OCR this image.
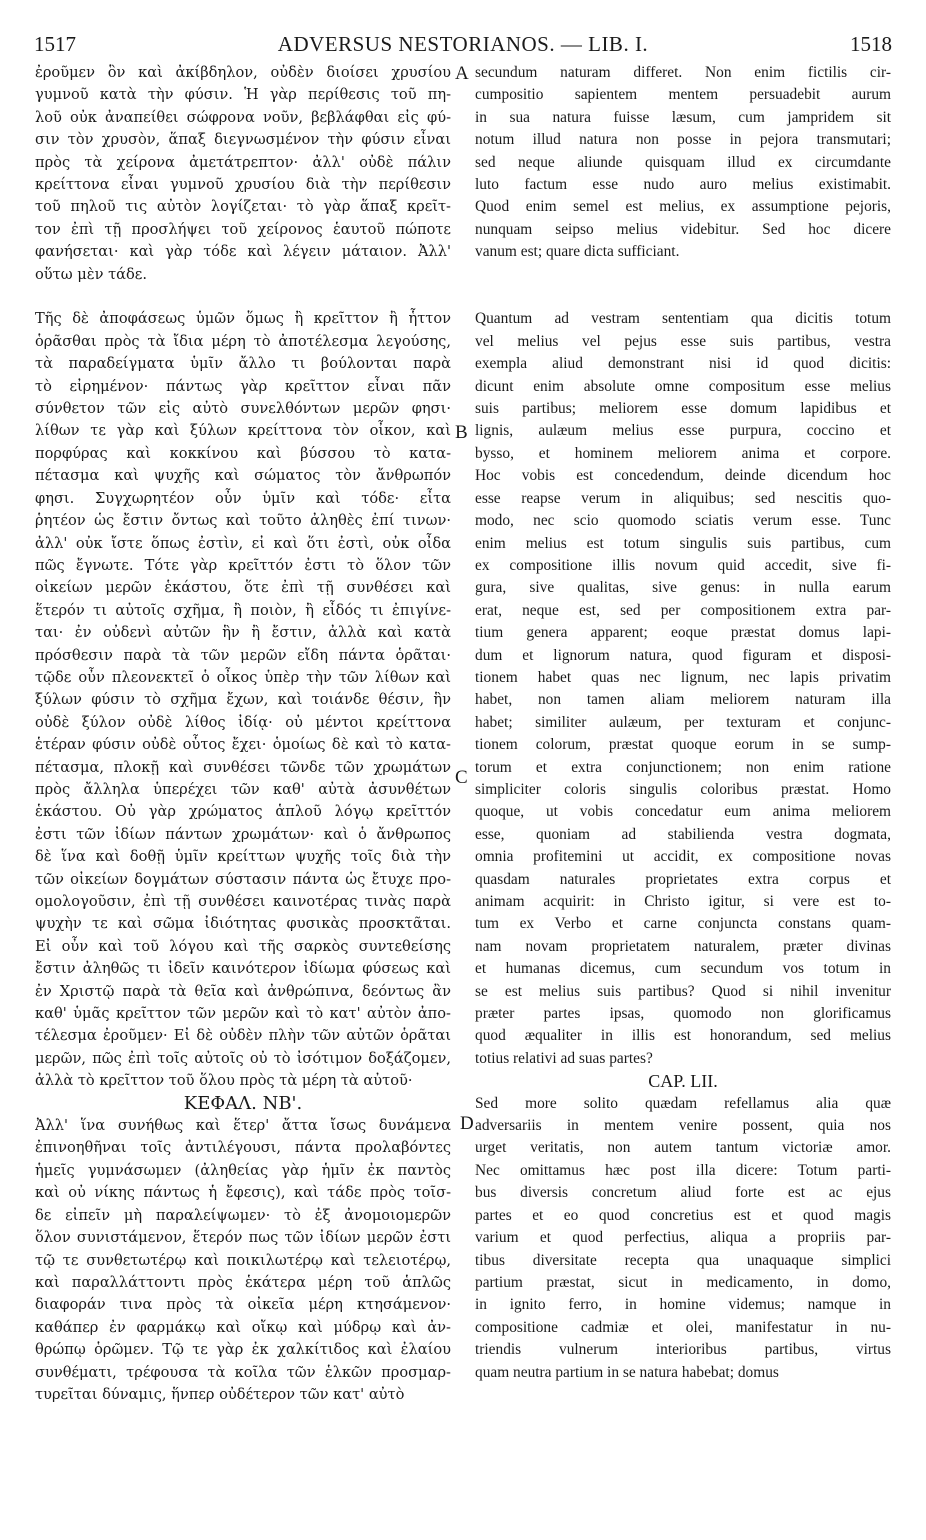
1517	ADVERSUS NESTORIANOS. — LIB. I.	1518
ἐροῦμεν ὃν καὶ ἀκίβδηλον, οὐδὲν διοίσει χρυσίου
γυμνοῦ κατὰ τὴν φύσιν. Ἡ γὰρ περίθεσις τοῦ πη-
λοῦ οὐκ ἀναπείθει σώφρονα νοῦν, βεβλάφθαι εἰς φύ-
σιν τὸν χρυσὸν, ἅπαξ διεγνωσμένον τὴν φύσιν εἶναι
πρὸς τὰ χείρονα ἀμετάτρεπτον· ἀλλ' οὐδὲ πάλιν
κρείττονα εἶναι γυμνοῦ χρυσίου διὰ τὴν περίθεσιν
τοῦ πηλοῦ τις αὐτὸν λογίζεται· τὸ γὰρ ἅπαξ κρεῖτ-
τον ἐπὶ τῇ προσλήψει τοῦ χείρονος ἑαυτοῦ πώποτε
φανήσεται· καὶ γὰρ τόδε καὶ λέγειν μάταιον. Ἀλλ'
οὕτω μὲν τάδε.
Τῆς δὲ ἀποφάσεως ὑμῶν ὅμως ἢ κρεῖττον ἢ ἧττον
ὁρᾶσθαι πρὸς τὰ ἴδια μέρη τὸ ἀποτέλεσμα λεγούσης,
τὰ παραδείγματα ὑμῖν ἄλλο τι βούλονται παρὰ
τὸ εἰρημένον· πάντως γὰρ κρεῖττον εἶναι πᾶν
σύνθετον τῶν εἰς αὐτὸ συνελθόντων μερῶν φησι·
λίθων τε γὰρ καὶ ξύλων κρείττονα τὸν οἶκον, καὶ
πορφύρας καὶ κοκκίνου καὶ βύσσου τὸ κατα-
πέτασμα καὶ ψυχῆς καὶ σώματος τὸν ἄνθρωπόν
φησι. Συγχωρητέον οὖν ὑμῖν καὶ τόδε· εἶτα
ῥητέον ὡς ἔστιν ὄντως καὶ τοῦτο ἀληθὲς ἐπί τινων·
ἀλλ' οὐκ ἴστε ὅπως ἐστὶν, εἰ καὶ ὅτι ἐστὶ, οὐκ οἶδα
πῶς ἔγνωτε. Τότε γὰρ κρεῖττόν ἐστι τὸ ὅλον τῶν
οἰκείων μερῶν ἑκάστου, ὅτε ἐπὶ τῇ συνθέσει καὶ
ἕτερόν τι αὐτοῖς σχῆμα, ἢ ποιὸν, ἢ εἶδός τι ἐπιγίνε-
ται· ἐν οὐδενὶ αὐτῶν ἣν ἢ ἔστιν, ἀλλὰ καὶ κατὰ
πρόσθεσιν παρὰ τὰ τῶν μερῶν εἴδη πάντα ὁρᾶται·
τῷδε οὖν πλεονεκτεῖ ὁ οἶκος ὑπὲρ τὴν τῶν λίθων καὶ
ξύλων φύσιν τὸ σχῆμα ἔχων, καὶ τοιάνδε θέσιν, ἣν
οὐδὲ ξύλον οὐδὲ λίθος ἰδίᾳ· οὐ μέντοι κρείττονα
ἑτέραν φύσιν οὐδὲ οὗτος ἔχει· ὁμοίως δὲ καὶ τὸ κατα-
πέτασμα, πλοκῇ καὶ συνθέσει τῶνδε τῶν χρωμάτων
πρὸς ἄλληλα ὑπερέχει τῶν καθ' αὐτὰ ἀσυνθέτων
ἑκάστου. Οὐ γὰρ χρώματος ἁπλοῦ λόγῳ κρεῖττόν
ἐστι τῶν ἰδίων πάντων χρωμάτων· καὶ ὁ ἄνθρωπος
δὲ ἵνα καὶ δοθῇ ὑμῖν κρείττων ψυχῆς τοῖς διὰ τὴν
τῶν οἰκείων δογμάτων σύστασιν πάντα ὡς ἔτυχε προ-
ομολογοῦσιν, ἐπὶ τῇ συνθέσει καινοτέρας τινὰς παρὰ
ψυχὴν τε καὶ σῶμα ἰδιότητας φυσικὰς προσκτᾶται.
Εἰ οὖν καὶ τοῦ λόγου καὶ τῆς σαρκὸς συντεθείσης
ἔστιν ἀληθῶς τι ἰδεῖν καινότερον ἰδίωμα φύσεως καὶ
ἐν Χριστῷ παρὰ τὰ θεῖα καὶ ἀνθρώπινα, δεόντως ἂν
καθ' ὑμᾶς κρεῖττον τῶν μερῶν καὶ τὸ κατ' αὐτὸν ἀπο-
τέλεσμα ἐροῦμεν· Εἰ δὲ οὐδὲν πλὴν τῶν αὐτῶν ὁρᾶται
μερῶν, πῶς ἐπὶ τοῖς αὐτοῖς οὐ τὸ ἰσότιμον δοξάζομεν,
ἀλλὰ τὸ κρεῖττον τοῦ ὅλου πρὸς τὰ μέρη τὰ αὐτοῦ·
ΚΕΦΑΛ. ΝΒ'.
Ἀλλ' ἵνα συνήθως καὶ ἕτερ' ἄττα ἴσως δυνάμενα
ἐπινοηθῆναι τοῖς ἀντιλέγουσι, πάντα προλαβόντες
ἡμεῖς γυμνάσωμεν (ἀληθείας γὰρ ἡμῖν ἐκ παντὸς
καὶ οὐ νίκης πάντως ἡ ἔφεσις), καὶ τάδε πρὸς τοῖσ-
δε εἰπεῖν μὴ παραλείψωμεν· τὸ ἐξ ἀνομοιομερῶν
ὅλον συνιστάμενον, ἕτερόν πως τῶν ἰδίων μερῶν ἐστι
τῷ τε συνθετωτέρῳ καὶ ποικιλωτέρῳ καὶ τελειοτέρῳ,
καὶ παραλλάττοντι πρὸς ἑκάτερα μέρη τοῦ ἁπλῶς
διαφοράν τινα πρὸς τὰ οἰκεῖα μέρη κτησάμενον·
καθάπερ ἐν φαρμάκῳ καὶ οἴκῳ καὶ μύδρῳ καὶ ἀν-
θρώπῳ ὁρῶμεν. Τῷ τε γὰρ ἐκ χαλκίτιδος καὶ ἐλαίου
συνθέματι, τρέφουσα τὰ κοῖλα τῶν ἑλκῶν προσμαρ-
τυρεῖται δύναμις, ἥνπερ οὐδέτερον τῶν κατ' αὐτὸ
secundum naturam differet. Non enim fictilis cir-
cumpositio sapientem mentem persuadebit aurum
in sua natura fuisse læsum, cum jampridem sit
notum illud natura non posse in pejora transmutari;
sed neque aliunde quisquam illud ex circumdante
luto factum esse nudo auro melius existimabit.
Quod enim semel est melius, ex assumptione pejoris,
nunquam seipso melius videbitur. Sed hoc dicere
vanum est; quare dicta sufficiant.
Quantum ad vestram sententiam qua dicitis totum
vel melius vel pejus esse suis partibus, vestra
exempla aliud demonstrant nisi id quod dicitis:
dicunt enim absolute omne compositum esse melius
suis partibus; meliorem esse domum lapidibus et
lignis, aulæum melius esse purpura, coccino et
bysso, et hominem meliorem anima et corpore.
Hoc vobis est concedendum, deinde dicendum hoc
esse reapse verum in aliquibus; sed nescitis quo-
modo, nec scio quomodo sciatis verum esse. Tunc
enim melius est totum singulis suis partibus, cum
ex compositione illis novum quid accedit, sive fi-
gura, sive qualitas, sive genus: in nulla earum
erat, neque est, sed per compositionem extra par-
tium genera apparent; eoque præstat domus lapi-
dum et lignorum natura, quod figuram et disposi-
tionem habet quas nec lignum, nec lapis privatim
habet, non tamen aliam meliorem naturam illa
habet; similiter aulæum, per texturam et conjunc-
tionem colorum, præstat quoque eorum in se sump-
torum et extra conjunctionem; non enim ratione
simpliciter coloris singulis coloribus præstat. Homo
quoque, ut vobis concedatur eum anima meliorem
esse, quoniam ad stabiliendа vestra dogmata,
omnia profitemini ut accidit, ex compositione novas
quasdam naturales proprietates extra corpus et
animam acquirit: in Christo igitur, si vere est to-
tum ex Verbo et carne conjuncta constans quam-
nam novam proprietatem naturalem, præter divinas
et humanas dicemus, cum secundum vos totum in
se est melius suis partibus? Quod si nihil invenitur
præter partes ipsas, quomodo non glorificamus
quod æqualiter in illis est honorandum, sed melius
totius relativi ad suas partes?
CAP. LII.
Sed more solito quædam refellamus alia quæ
adversariis in mentem venire possent, quia nos
urget veritatis, non autem tantum victoriæ amor.
Nec omittamus hæc post illa dicere: Totum parti-
bus diversis concretum aliud forte est ac ejus
partes et eo quod concretius est et quod magis
varium et quod perfectius, aliqua a propriis par-
tibus diversitate recepta qua unaquaque simplici
partium præstat, sicut in medicamento, in domo,
in ignito ferro, in homine videmus; namque in
compositione cadmiæ et olei, manifestatur in nu-
triendis vulnerum interioribus partibus, virtus
quam neutra partium in se natura habebat; domus
A
B
C
D
